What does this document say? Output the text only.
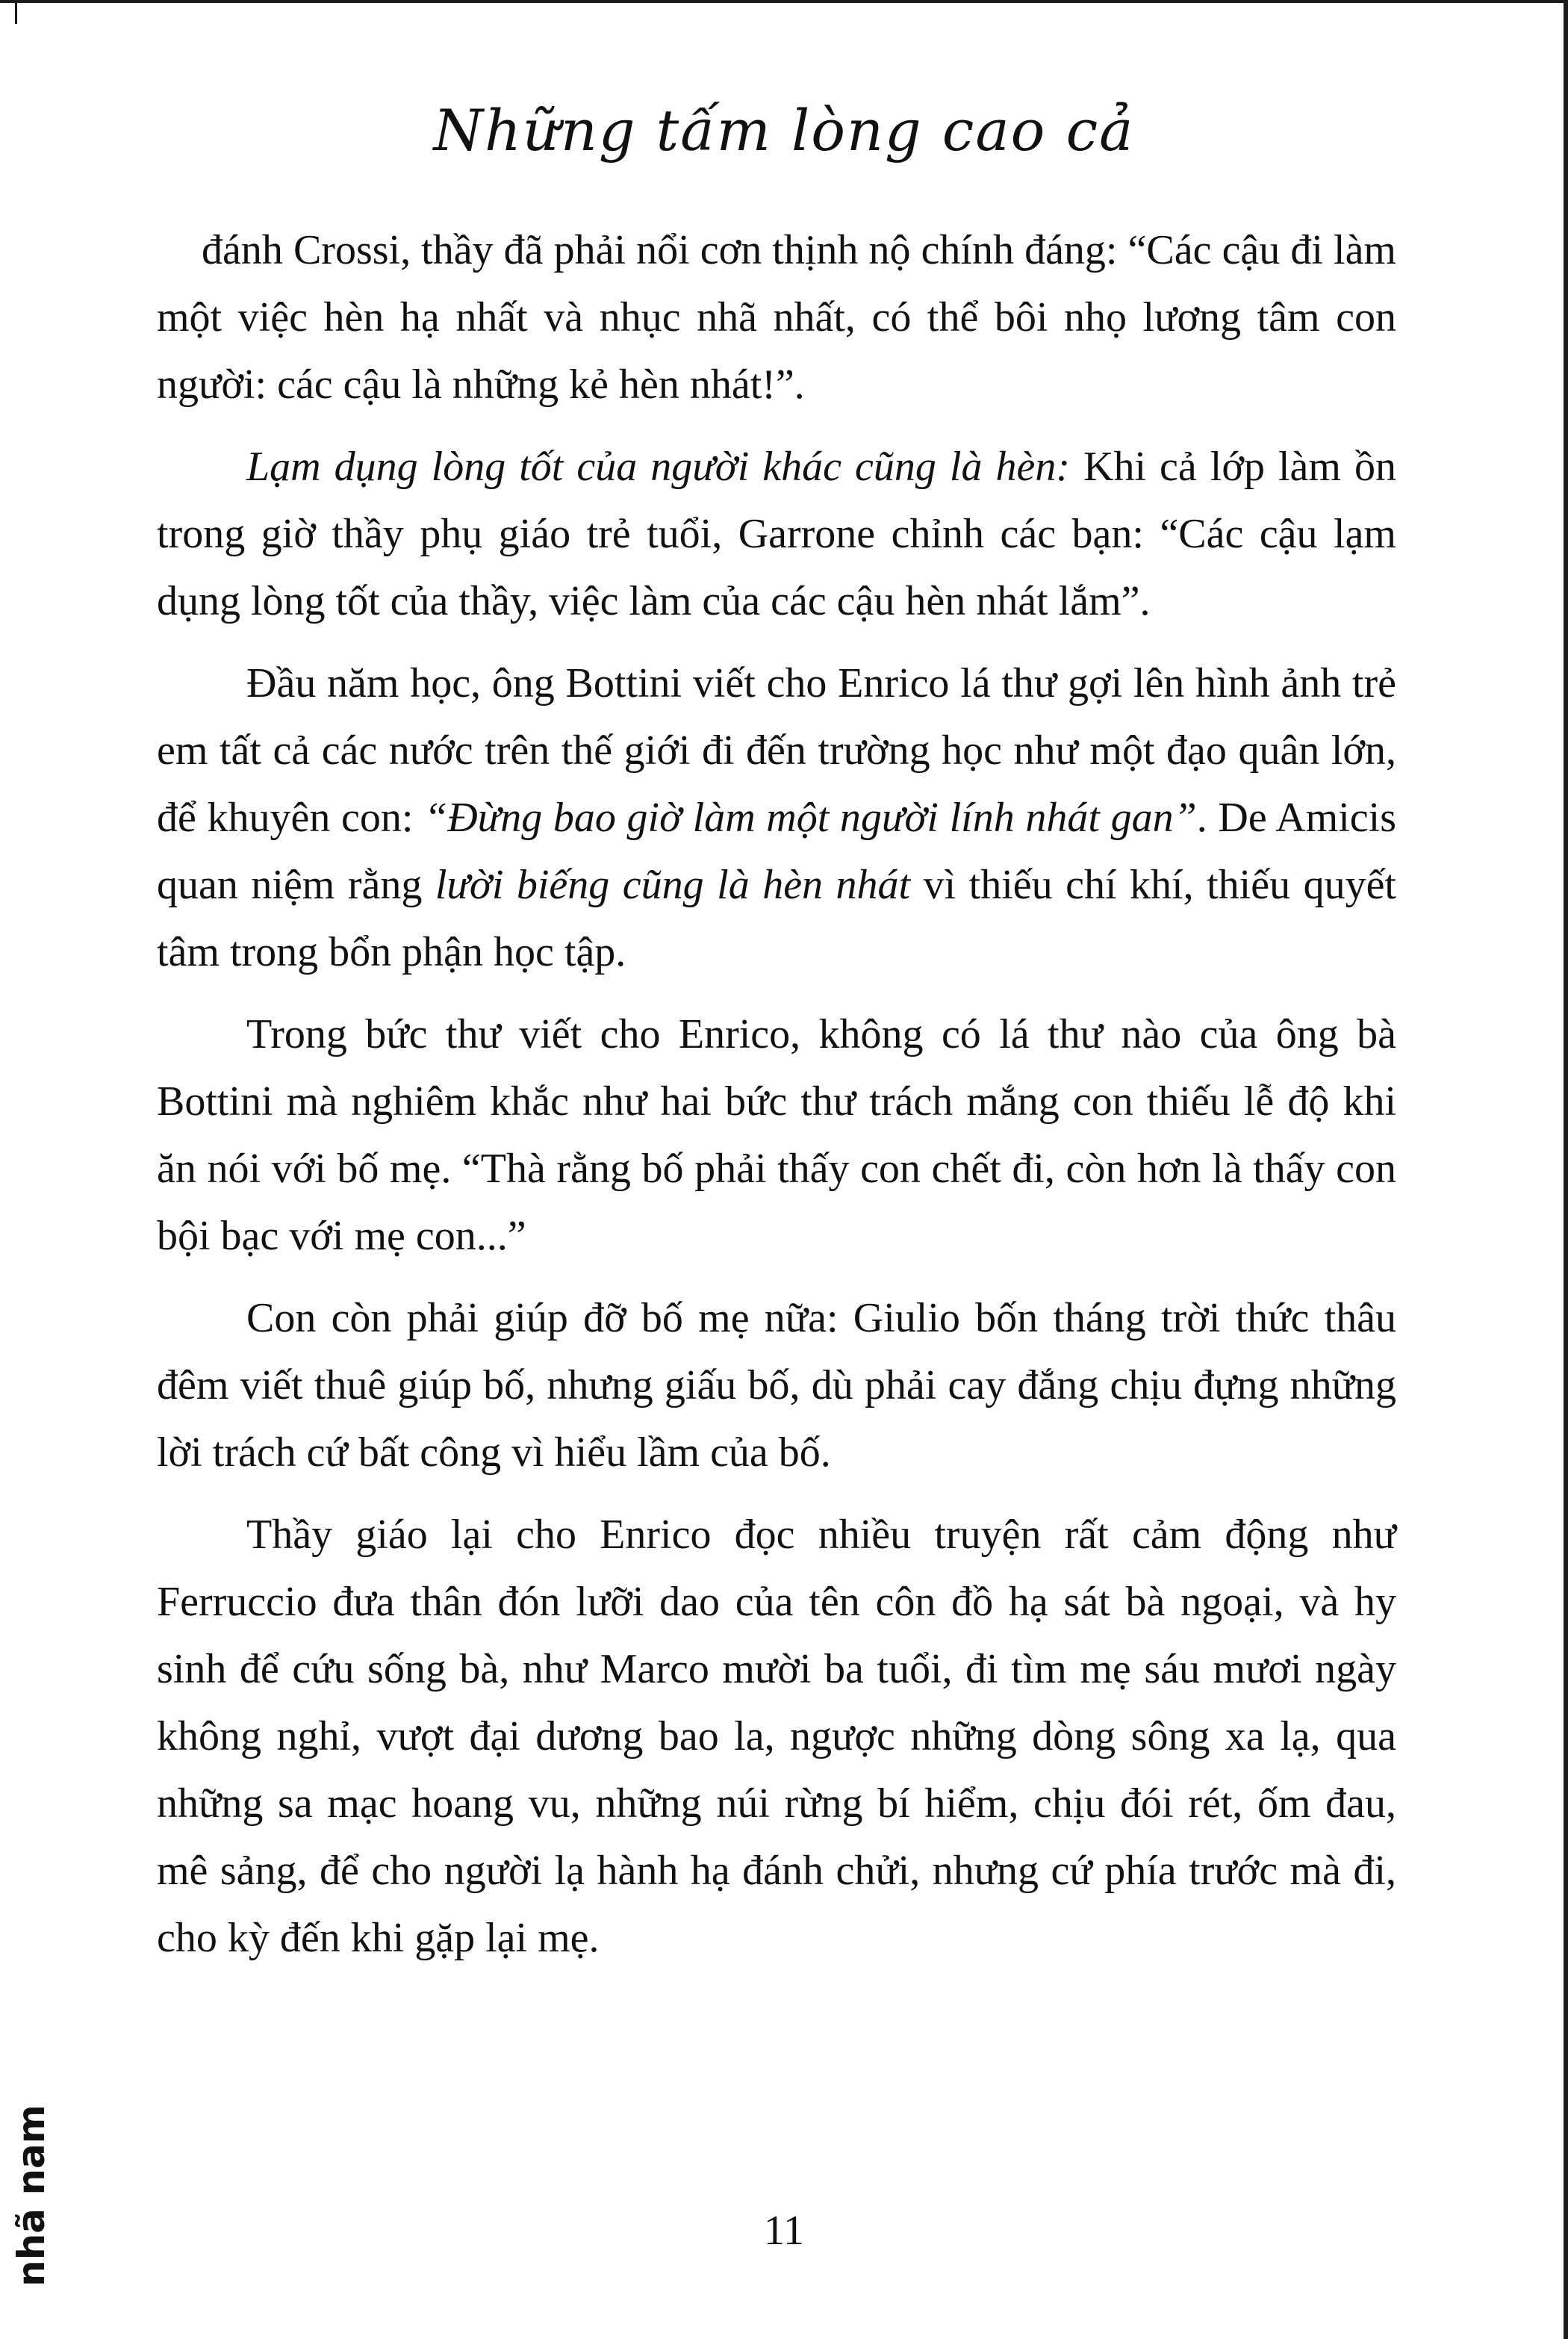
Những tấm lòng cao cả

đánh Crossi, thầy đã phải nổi cơn thịnh nộ chính đáng: “Các cậu đi làm một việc hèn hạ nhất và nhục nhã nhất, có thể bôi nhọ lương tâm con người: các cậu là những kẻ hèn nhát!”.

Lạm dụng lòng tốt của người khác cũng là hèn: Khi cả lớp làm ồn trong giờ thầy phụ giáo trẻ tuổi, Garrone chỉnh các bạn: “Các cậu lạm dụng lòng tốt của thầy, việc làm của các cậu hèn nhát lắm”.

Đầu năm học, ông Bottini viết cho Enrico lá thư gợi lên hình ảnh trẻ em tất cả các nước trên thế giới đi đến trường học như một đạo quân lớn, để khuyên con: “Đừng bao giờ làm một người lính nhát gan”. De Amicis quan niệm rằng lười biếng cũng là hèn nhát vì thiếu chí khí, thiếu quyết tâm trong bổn phận học tập.

Trong bức thư viết cho Enrico, không có lá thư nào của ông bà Bottini mà nghiêm khắc như hai bức thư trách mắng con thiếu lễ độ khi ăn nói với bố mẹ. “Thà rằng bố phải thấy con chết đi, còn hơn là thấy con bội bạc với mẹ con...”

Con còn phải giúp đỡ bố mẹ nữa: Giulio bốn tháng trời thức thâu đêm viết thuê giúp bố, nhưng giấu bố, dù phải cay đắng chịu đựng những lời trách cứ bất công vì hiểu lầm của bố.

Thầy giáo lại cho Enrico đọc nhiều truyện rất cảm động như Ferruccio đưa thân đón lưỡi dao của tên côn đồ hạ sát bà ngoại, và hy sinh để cứu sống bà, như Marco mười ba tuổi, đi tìm mẹ sáu mươi ngày không nghỉ, vượt đại dương bao la, ngược những dòng sông xa lạ, qua những sa mạc hoang vu, những núi rừng bí hiểm, chịu đói rét, ốm đau, mê sảng, để cho người lạ hành hạ đánh chửi, nhưng cứ phía trước mà đi, cho kỳ đến khi gặp lại mẹ.

nhã nam	11
